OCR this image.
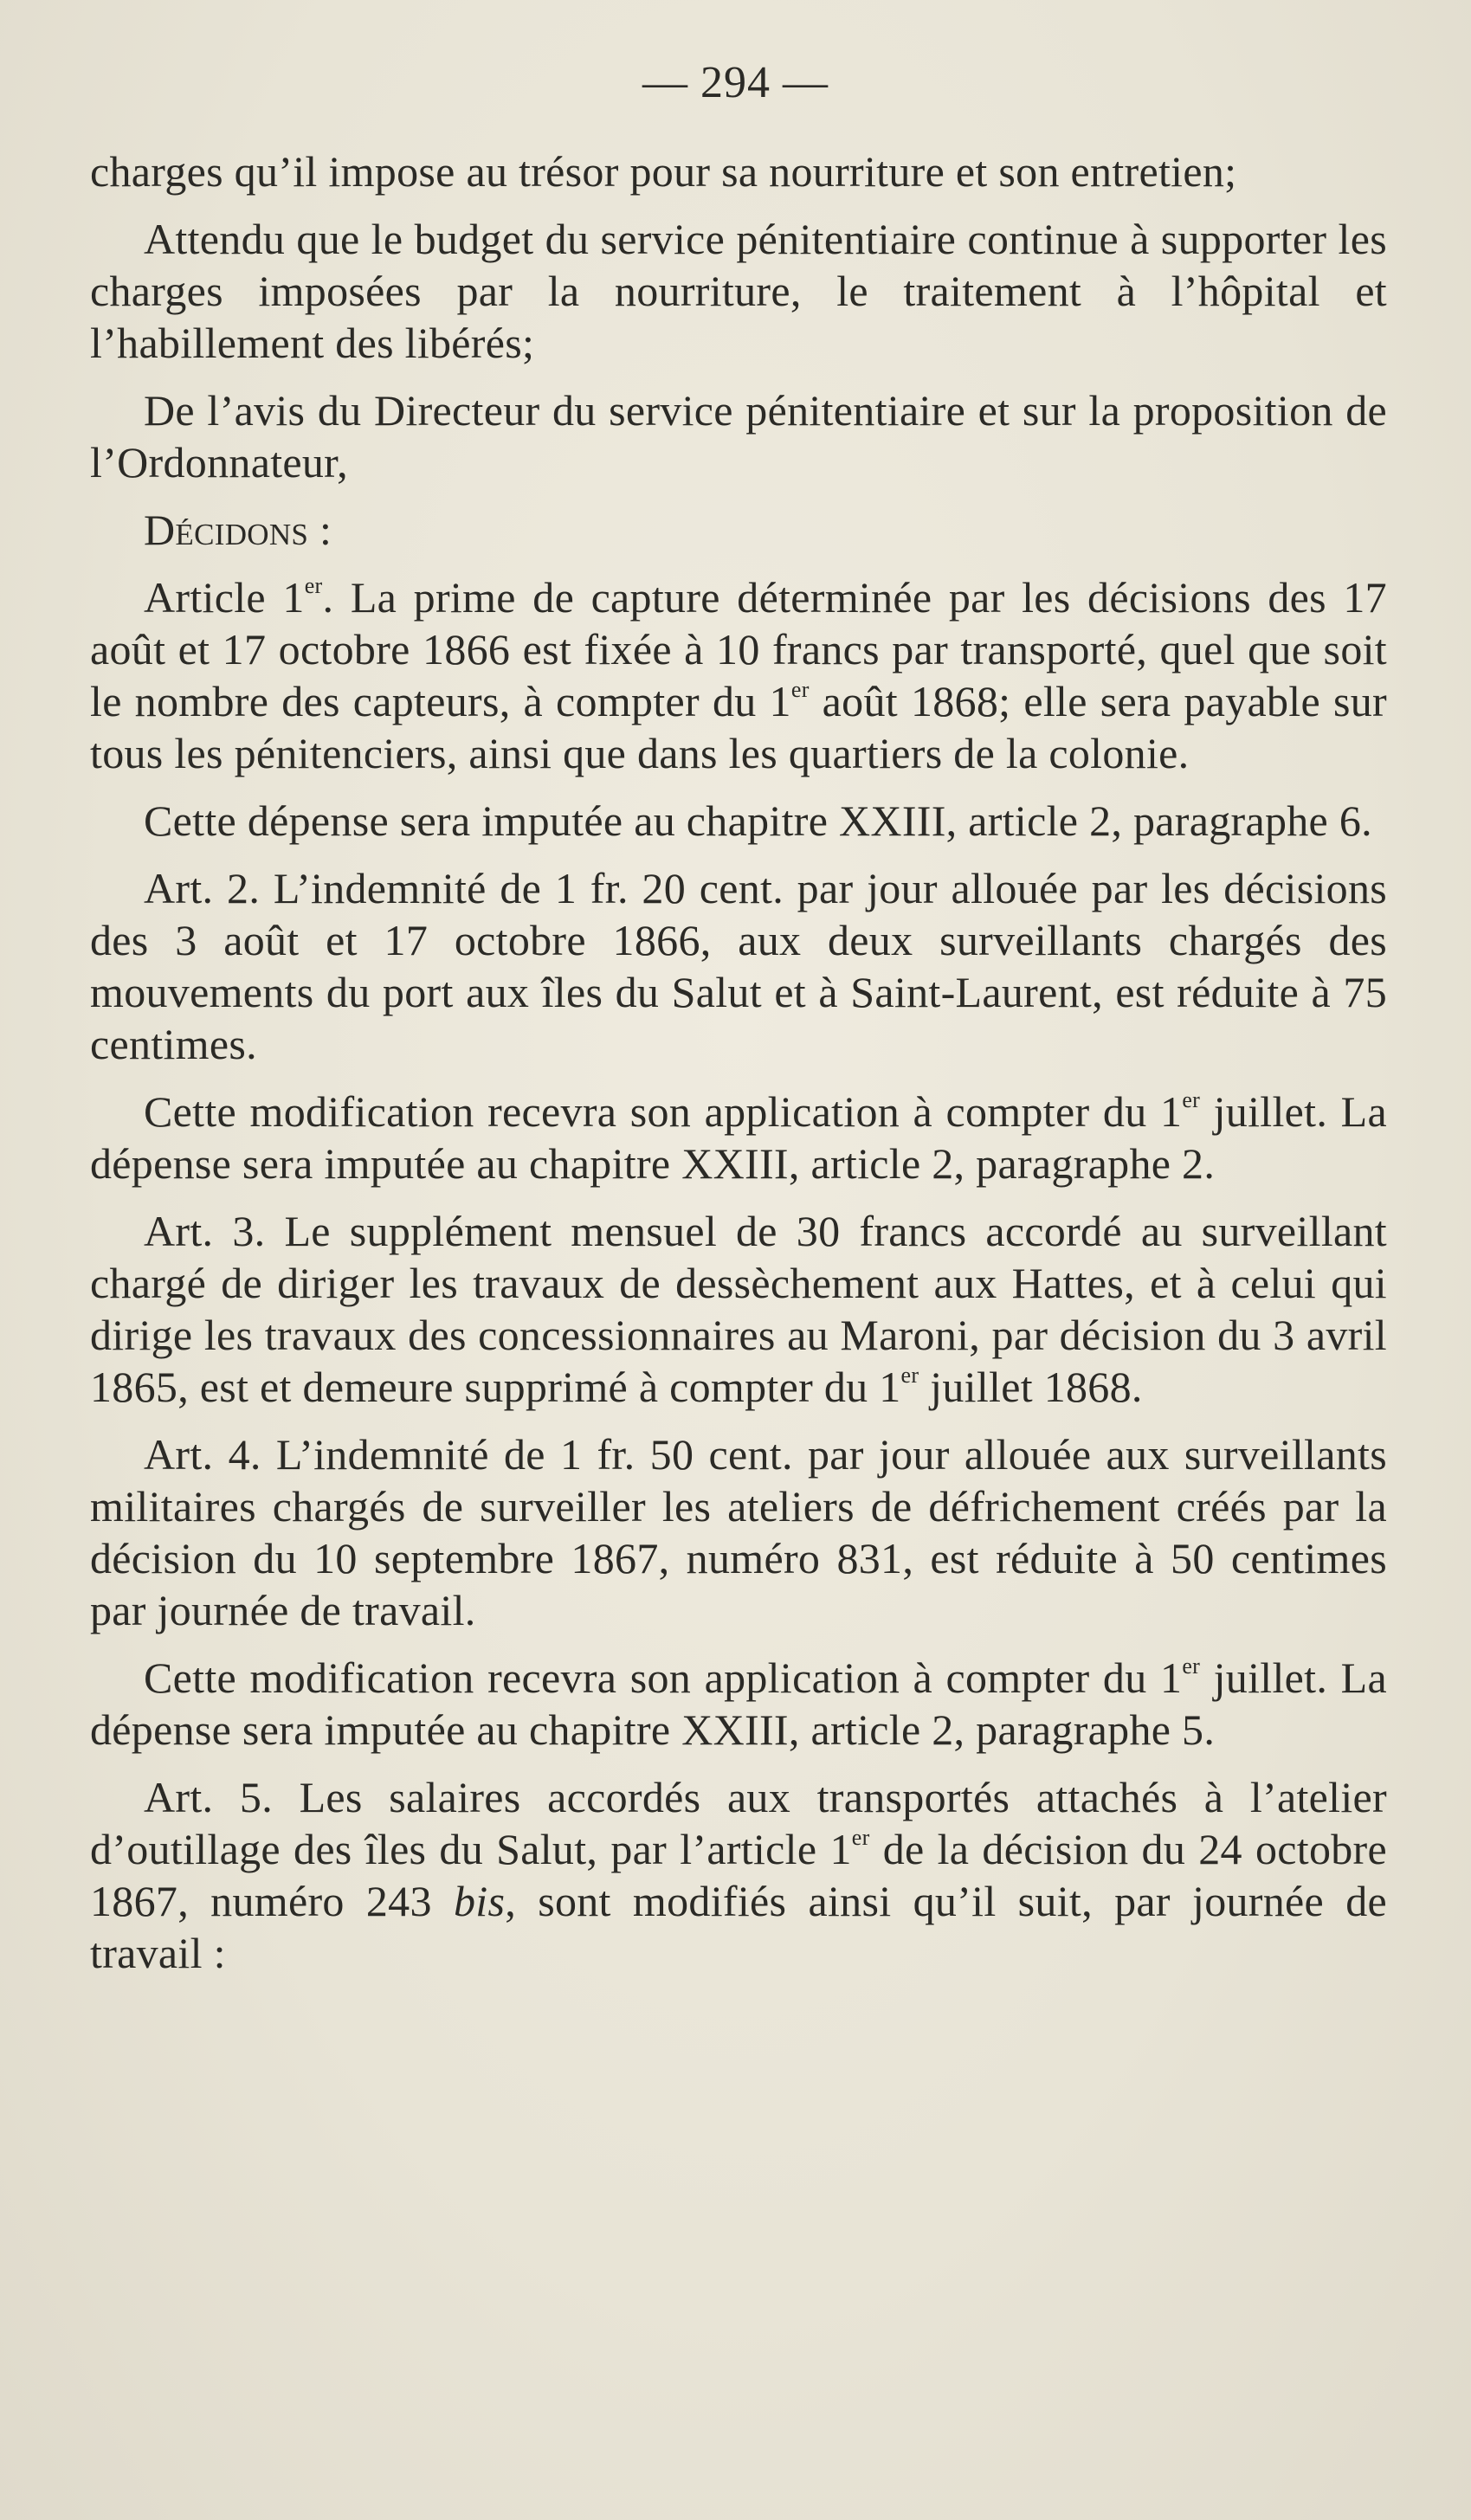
— 294 —

charges qu’il impose au trésor pour sa nourriture et son entretien;

Attendu que le budget du service pénitentiaire continue à supporter les charges imposées par la nourriture, le traitement à l’hôpital et l’habillement des libérés;

De l’avis du Directeur du service pénitentiaire et sur la proposition de l’Ordonnateur,

Décidons :

Article 1er. La prime de capture déterminée par les décisions des 17 août et 17 octobre 1866 est fixée à 10 francs par transporté, quel que soit le nombre des capteurs, à compter du 1er août 1868; elle sera payable sur tous les pénitenciers, ainsi que dans les quartiers de la colonie.

Cette dépense sera imputée au chapitre XXIII, article 2, paragraphe 6.

Art. 2. L’indemnité de 1 fr. 20 cent. par jour allouée par les décisions des 3 août et 17 octobre 1866, aux deux surveillants chargés des mouvements du port aux îles du Salut et à Saint-Laurent, est réduite à 75 centimes.

Cette modification recevra son application à compter du 1er juillet. La dépense sera imputée au chapitre XXIII, article 2, paragraphe 2.

Art. 3. Le supplément mensuel de 30 francs accordé au surveillant chargé de diriger les travaux de dessèchement aux Hattes, et à celui qui dirige les travaux des concessionnaires au Maroni, par décision du 3 avril 1865, est et demeure supprimé à compter du 1er juillet 1868.

Art. 4. L’indemnité de 1 fr. 50 cent. par jour allouée aux surveillants militaires chargés de surveiller les ateliers de défrichement créés par la décision du 10 septembre 1867, numéro 831, est réduite à 50 centimes par journée de travail.

Cette modification recevra son application à compter du 1er juillet. La dépense sera imputée au chapitre XXIII, article 2, paragraphe 5.

Art. 5. Les salaires accordés aux transportés attachés à l’atelier d’outillage des îles du Salut, par l’article 1er de la décision du 24 octobre 1867, numéro 243 bis, sont modifiés ainsi qu’il suit, par journée de travail :
